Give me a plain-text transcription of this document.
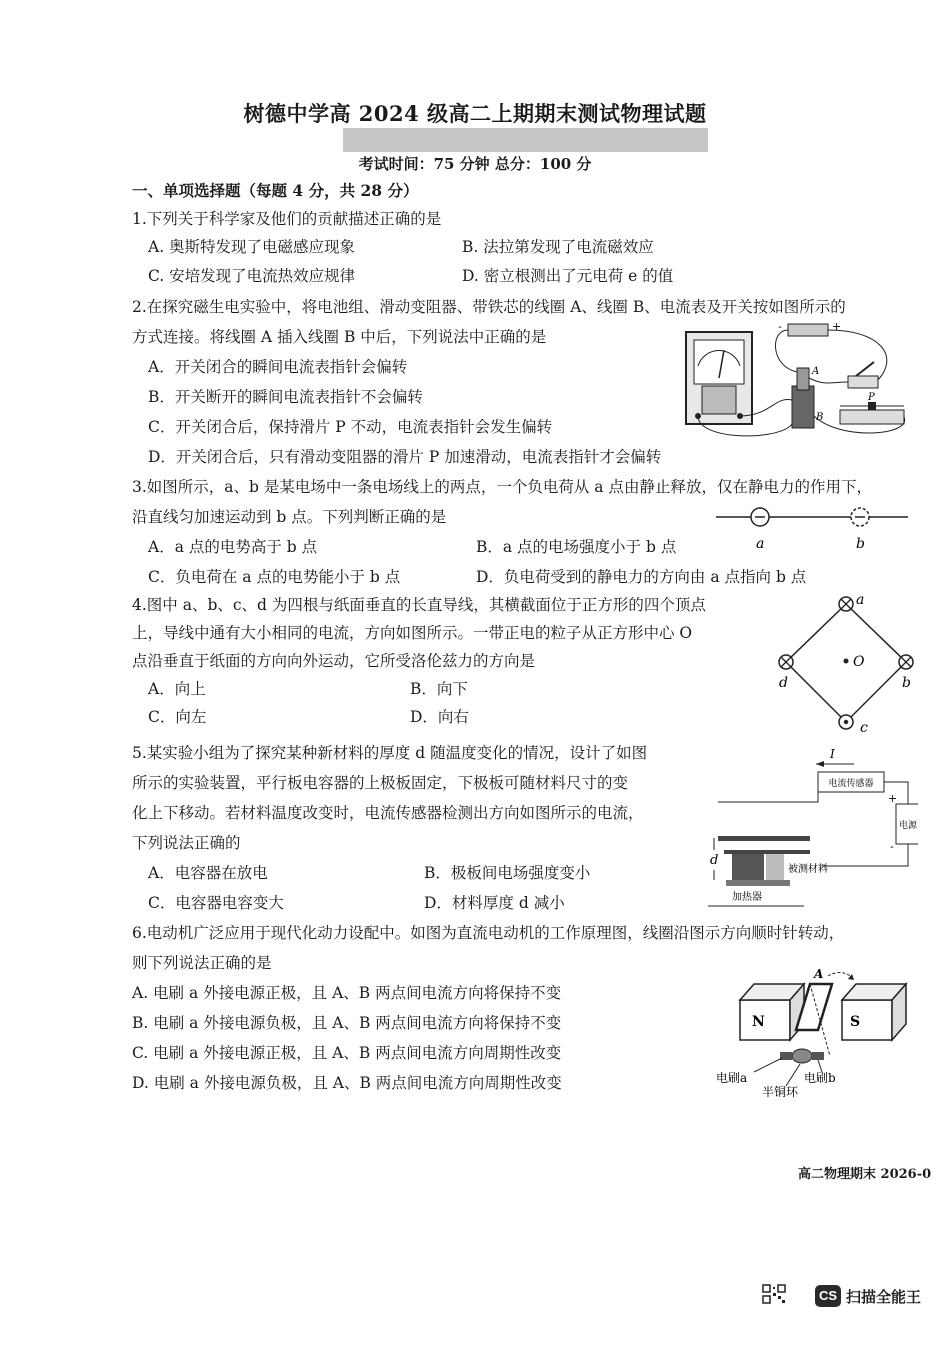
树德中学高 2024 级高二上期期末测试物理试题
考试时间：75 分钟 总分：100 分
一、单项选择题（每题 4 分，共 28 分）
1.下列关于科学家及他们的贡献描述正确的是
A. 奥斯特发现了电磁感应现象	B. 法拉第发现了电流磁效应
C. 安培发现了电流热效应规律	D. 密立根测出了元电荷 e 的值
2.在探究磁生电实验中，将电池组、滑动变阻器、带铁芯的线圈 A、线圈 B、电流表及开关按如图所示的
方式连接。将线圈 A 插入线圈 B 中后，下列说法中正确的是
A．开关闭合的瞬间电流表指针会偏转
B．开关断开的瞬间电流表指针不会偏转
C．开关闭合后，保持滑片 P 不动，电流表指针会发生偏转
D．开关闭合后，只有滑动变阻器的滑片 P 加速滑动，电流表指针才会偏转
-	+
A
B
P
3.如图所示，a、b 是某电场中一条电场线上的两点，一个负电荷从 a 点由静止释放，仅在静电力的作用下，
沿直线匀加速运动到 b 点。下列判断正确的是
A．a 点的电势高于 b 点	B．a 点的电场强度小于 b 点
C．负电荷在 a 点的电势能小于 b 点	D．负电荷受到的静电力的方向由 a 点指向 b 点
a	b
4.图中 a、b、c、d 为四根与纸面垂直的长直导线，其横截面位于正方形的四个顶点
上，导线中通有大小相同的电流，方向如图所示。一带正电的粒子从正方形中心 O
点沿垂直于纸面的方向向外运动，它所受洛伦兹力的方向是
A．向上	B．向下
C．向左	D．向右
a
b
c
d
O
5.某实验小组为了探究某种新材料的厚度 d 随温度变化的情况，设计了如图
所示的实验装置，平行板电容器的上极板固定，下极板可随材料尺寸的变
化上下移动。若材料温度改变时，电流传感器检测出方向如图所示的电流，
下列说法正确的
A．电容器在放电	B．极板间电场强度变小
C．电容器电容变大	D．材料厚度 d 减小
I
电流传感器
+
-
电源
被测材料
加热器
d
6.电动机广泛应用于现代化动力设配中。如图为直流电动机的工作原理图，线圈沿图示方向顺时针转动，
则下列说法正确的是
A. 电刷 a 外接电源正极，且 A、B 两点间电流方向将保持不变
B. 电刷 a 外接电源负极，且 A、B 两点间电流方向将保持不变
C. 电刷 a 外接电源正极，且 A、B 两点间电流方向周期性改变
D. 电刷 a 外接电源负极，且 A、B 两点间电流方向周期性改变
N	S
A
电刷a	电刷b
半铜环
高二物理期末 2026-0
CS 扫描全能王
